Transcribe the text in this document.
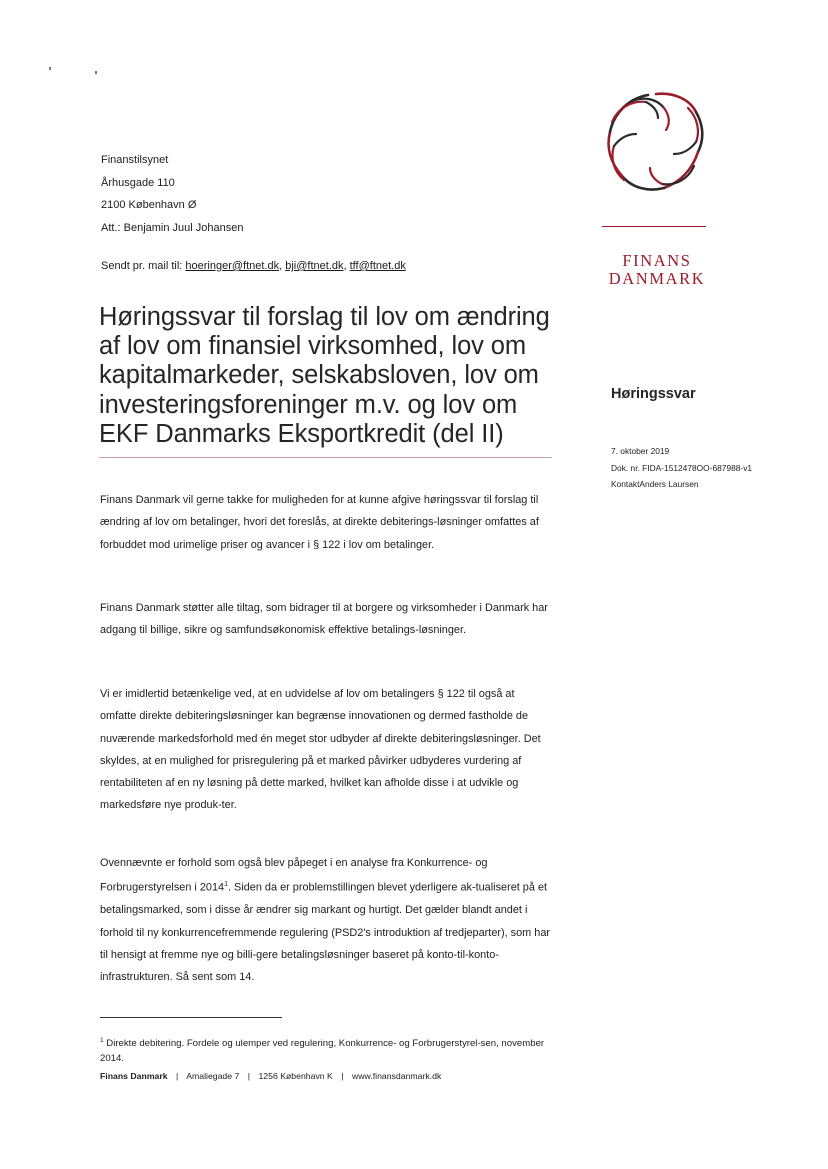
Finanstilsynet
Århusgade 110
2100 København Ø
Att.: Benjamin Juul Johansen
Sendt pr. mail til: hoeringer@ftnet.dk, bji@ftnet.dk, tff@ftnet.dk
Høringssvar til forslag til lov om ændring
af lov om finansiel virksomhed, lov om
kapitalmarkeder, selskabsloven, lov om
investeringsforeninger m.v. og lov om
EKF Danmarks Eksportkredit (del II)

Finans Danmark vil gerne takke for muligheden for at kunne afgive høringssvar til forslag til ændring af lov om betalinger, hvori det foreslås, at direkte debiterings-løsninger omfattes af forbuddet mod urimelige priser og avancer i § 122 i lov om betalinger.

Finans Danmark støtter alle tiltag, som bidrager til at borgere og virksomheder i Danmark har adgang til billige, sikre og samfundsøkonomisk effektive betalings-løsninger.

Vi er imidlertid betænkelige ved, at en udvidelse af lov om betalingers § 122 til også at omfatte direkte debiteringsløsninger kan begrænse innovationen og dermed fastholde de nuværende markedsforhold med én meget stor udbyder af direkte debiteringsløsninger. Det skyldes, at en mulighed for prisregulering på et marked påvirker udbyderes vurdering af rentabiliteten af en ny løsning på dette marked, hvilket kan afholde disse i at udvikle og markedsføre nye produk-ter.

Ovennævnte er forhold som også blev påpeget i en analyse fra Konkurrence- og Forbrugerstyrelsen i 2014$^1$. Siden da er problemstillingen blevet yderligere ak-tualiseret på et betalingsmarked, som i disse år ændrer sig markant og hurtigt. Det gælder blandt andet i forhold til ny konkurrencefremmende regulering (PSD2's introduktion af tredjeparter), som har til hensigt at fremme nye og billi-gere betalingsløsninger baseret på konto-til-konto-infrastrukturen. Så sent som 14.

$^1$ Direkte debitering. Fordele og ulemper ved regulering, Konkurrence- og Forbrugerstyrel-sen, november 2014.
Finans Danmark | Amaliegade 7 | 1256 København K | www.finansdanmark.dk
FINANS
DANMARK
Høringssvar
7. oktober 2019
Dok. nr. FIDA-1512478OO-687988-v1
KontaktAnders Laursen
